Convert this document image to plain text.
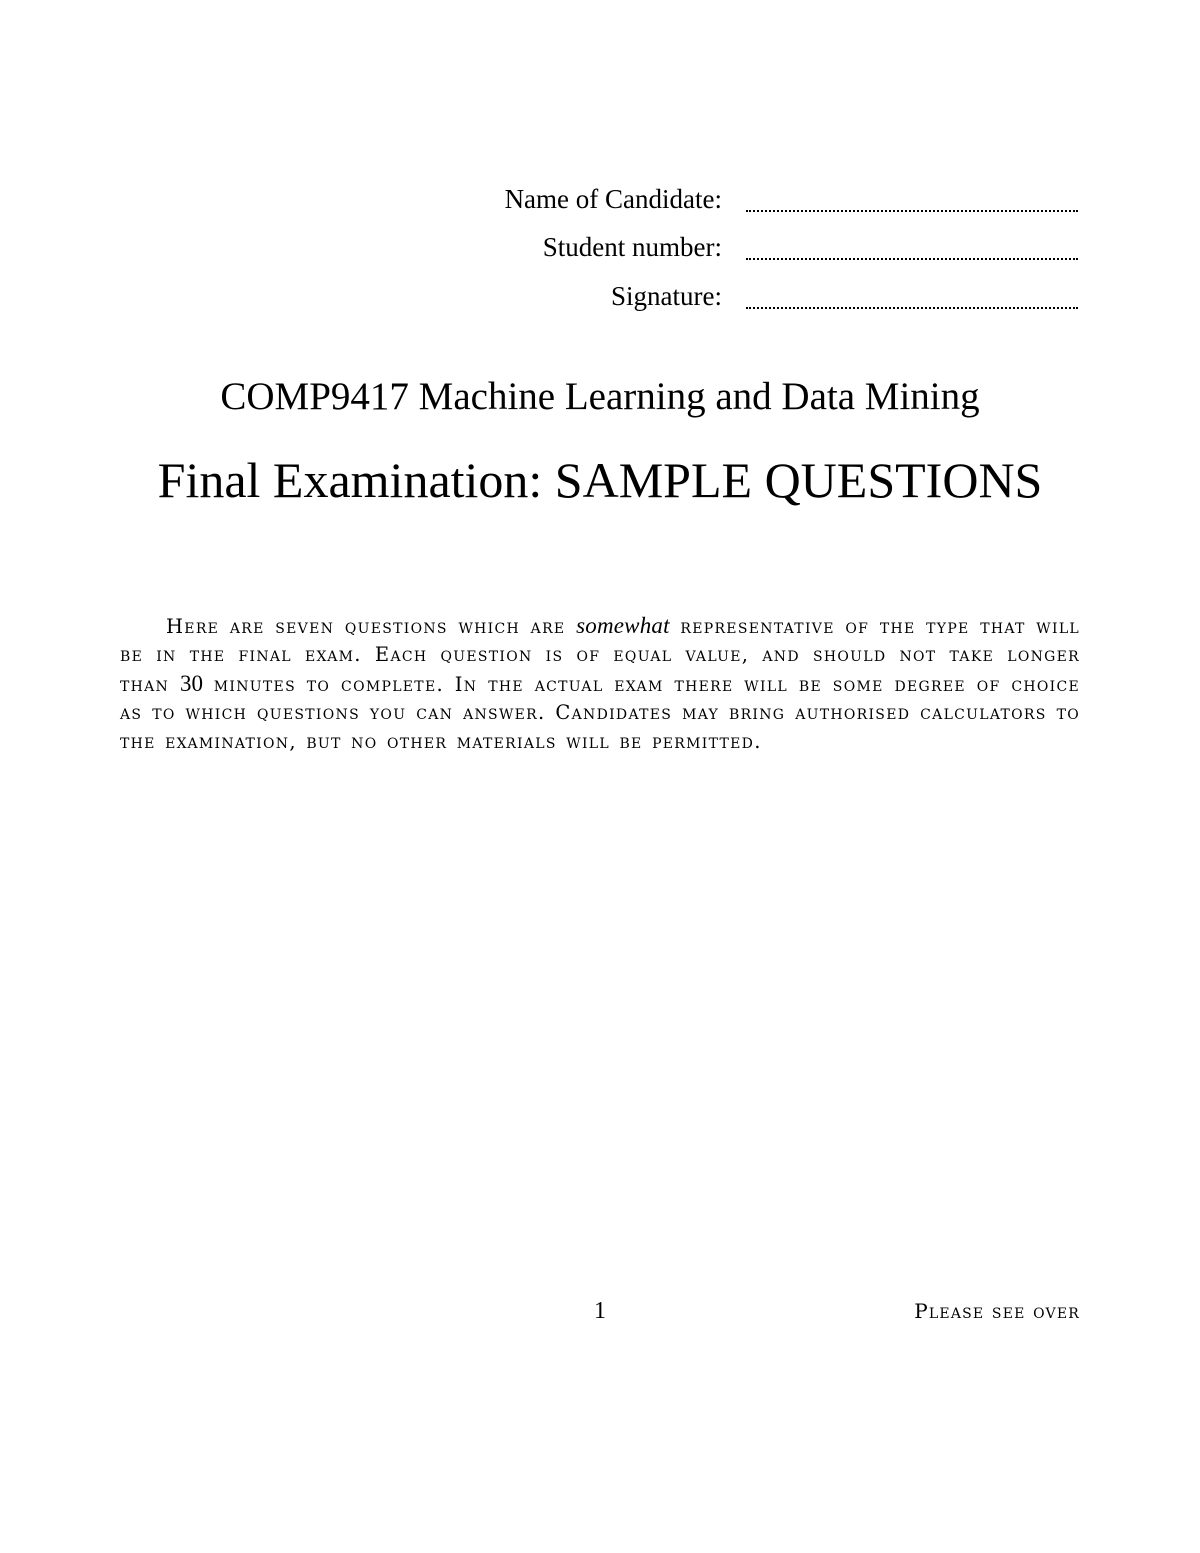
Name of Candidate:
Student number:
Signature:
COMP9417 Machine Learning and Data Mining
Final Examination: SAMPLE QUESTIONS

Here are seven questions which are somewhat representative of the type that will be in the final exam. Each question is of equal value, and should not take longer than 30 minutes to complete. In the actual exam there will be some degree of choice as to which questions you can answer. Candidates may bring authorised calculators to the examination, but no other materials will be permitted.

1	Please see over
